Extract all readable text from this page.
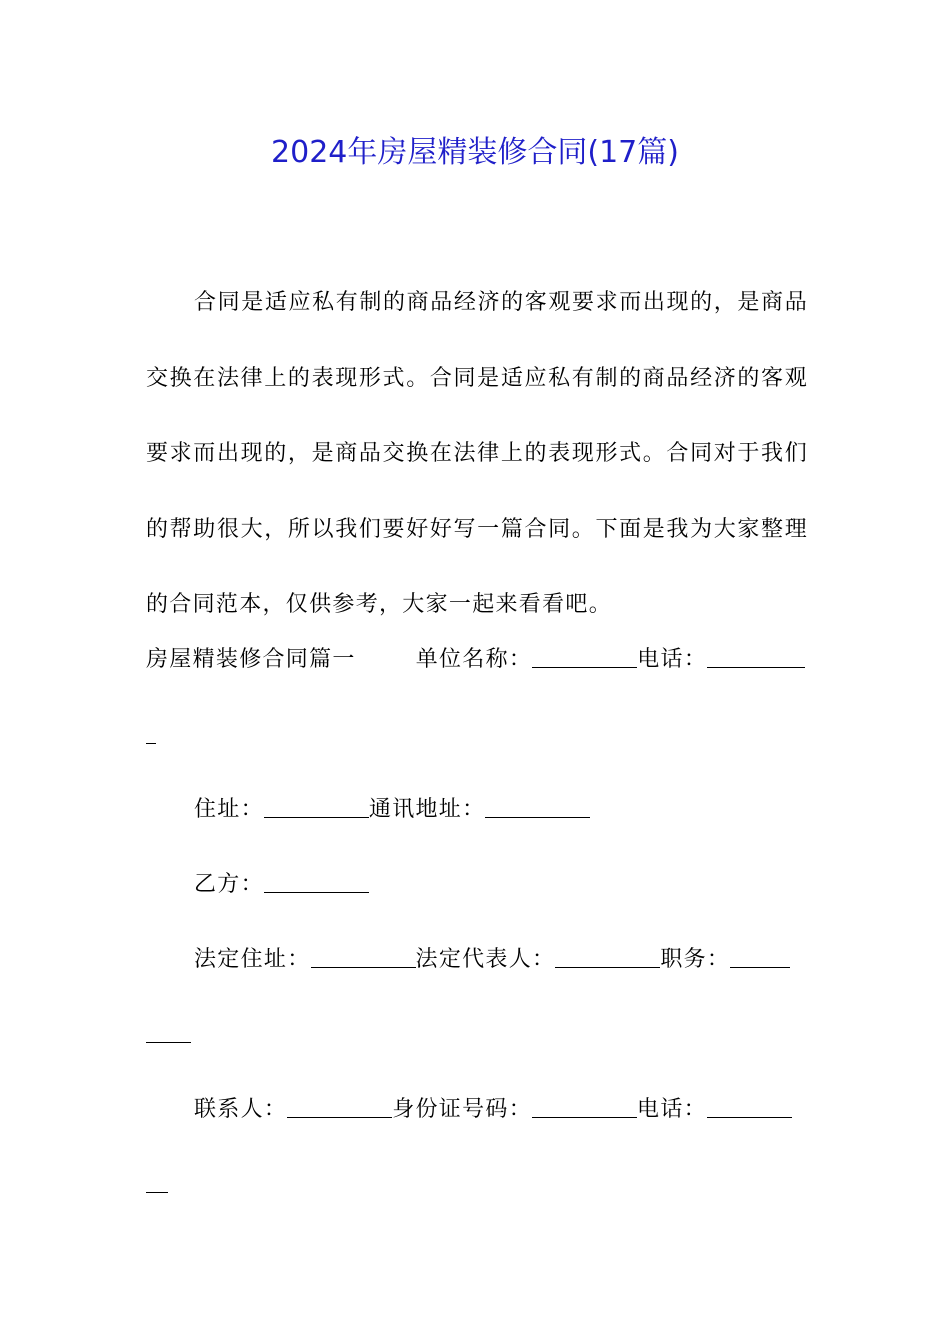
2024年房屋精装修合同(17篇)

合同是适应私有制的商品经济的客观要求而出现的，是商品交换在法律上的表现形式。合同是适应私有制的商品经济的客观要求而出现的，是商品交换在法律上的表现形式。合同对于我们的帮助很大，所以我们要好好写一篇合同。下面是我为大家整理的合同范本，仅供参考，大家一起来看看吧。

房屋精装修合同篇一	单位名称：	电话：
住址：	通讯地址：
乙方：
法定住址：	法定代表人：	职务：
联系人：	身份证号码：	电话：
